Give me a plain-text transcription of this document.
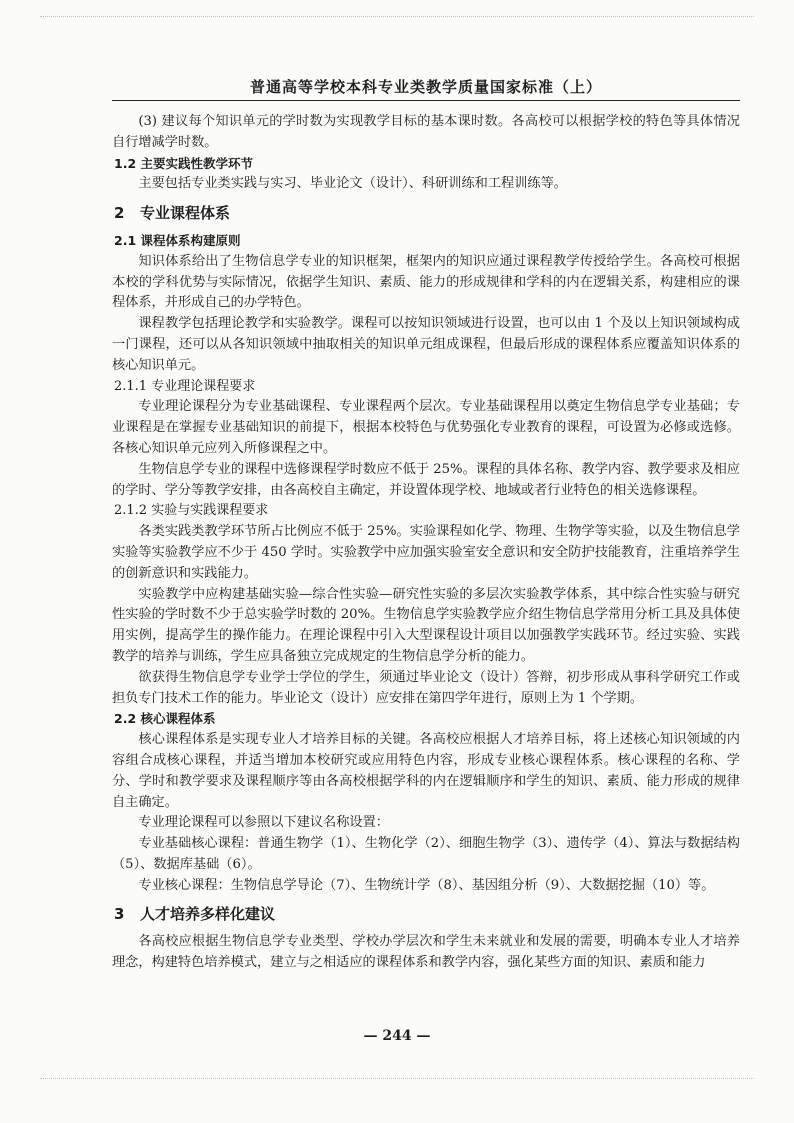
普通高等学校本科专业类教学质量国家标准（上）

(3) 建议每个知识单元的学时数为实现教学目标的基本课时数。各高校可以根据学校的特色等具体情况自行增减学时数。

1.2 主要实践性教学环节

主要包括专业类实践与实习、毕业论文（设计）、科研训练和工程训练等。

2 专业课程体系
2.1 课程体系构建原则

知识体系给出了生物信息学专业的知识框架，框架内的知识应通过课程教学传授给学生。各高校可根据本校的学科优势与实际情况，依据学生知识、素质、能力的形成规律和学科的内在逻辑关系，构建相应的课程体系，并形成自己的办学特色。

课程教学包括理论教学和实验教学。课程可以按知识领域进行设置，也可以由 1 个及以上知识领域构成一门课程，还可以从各知识领域中抽取相关的知识单元组成课程，但最后形成的课程体系应覆盖知识体系的核心知识单元。

2.1.1 专业理论课程要求

专业理论课程分为专业基础课程、专业课程两个层次。专业基础课程用以奠定生物信息学专业基础；专业课程是在掌握专业基础知识的前提下，根据本校特色与优势强化专业教育的课程，可设置为必修或选修。各核心知识单元应列入所修课程之中。

生物信息学专业的课程中选修课程学时数应不低于 25%。课程的具体名称、教学内容、教学要求及相应的学时、学分等教学安排，由各高校自主确定，并设置体现学校、地域或者行业特色的相关选修课程。

2.1.2 实验与实践课程要求

各类实践类教学环节所占比例应不低于 25%。实验课程如化学、物理、生物学等实验，以及生物信息学实验等实验教学应不少于 450 学时。实验教学中应加强实验室安全意识和安全防护技能教育，注重培养学生的创新意识和实践能力。

实验教学中应构建基础实验—综合性实验—研究性实验的多层次实验教学体系，其中综合性实验与研究性实验的学时数不少于总实验学时数的 20%。生物信息学实验教学应介绍生物信息学常用分析工具及具体使用实例，提高学生的操作能力。在理论课程中引入大型课程设计项目以加强教学实践环节。经过实验、实践教学的培养与训练，学生应具备独立完成规定的生物信息学分析的能力。

欲获得生物信息学专业学士学位的学生，须通过毕业论文（设计）答辩，初步形成从事科学研究工作或担负专门技术工作的能力。毕业论文（设计）应安排在第四学年进行，原则上为 1 个学期。

2.2 核心课程体系

核心课程体系是实现专业人才培养目标的关键。各高校应根据人才培养目标，将上述核心知识领域的内容组合成核心课程，并适当增加本校研究或应用特色内容，形成专业核心课程体系。核心课程的名称、学分、学时和教学要求及课程顺序等由各高校根据学科的内在逻辑顺序和学生的知识、素质、能力形成的规律自主确定。

专业理论课程可以参照以下建议名称设置：

专业基础核心课程：普通生物学（1）、生物化学（2）、细胞生物学（3）、遗传学（4）、算法与数据结构（5）、数据库基础（6）。

专业核心课程：生物信息学导论（7）、生物统计学（8）、基因组分析（9）、大数据挖掘（10）等。

3 人才培养多样化建议

各高校应根据生物信息学专业类型、学校办学层次和学生未来就业和发展的需要，明确本专业人才培养理念，构建特色培养模式，建立与之相适应的课程体系和教学内容，强化某些方面的知识、素质和能力

— 244 —
